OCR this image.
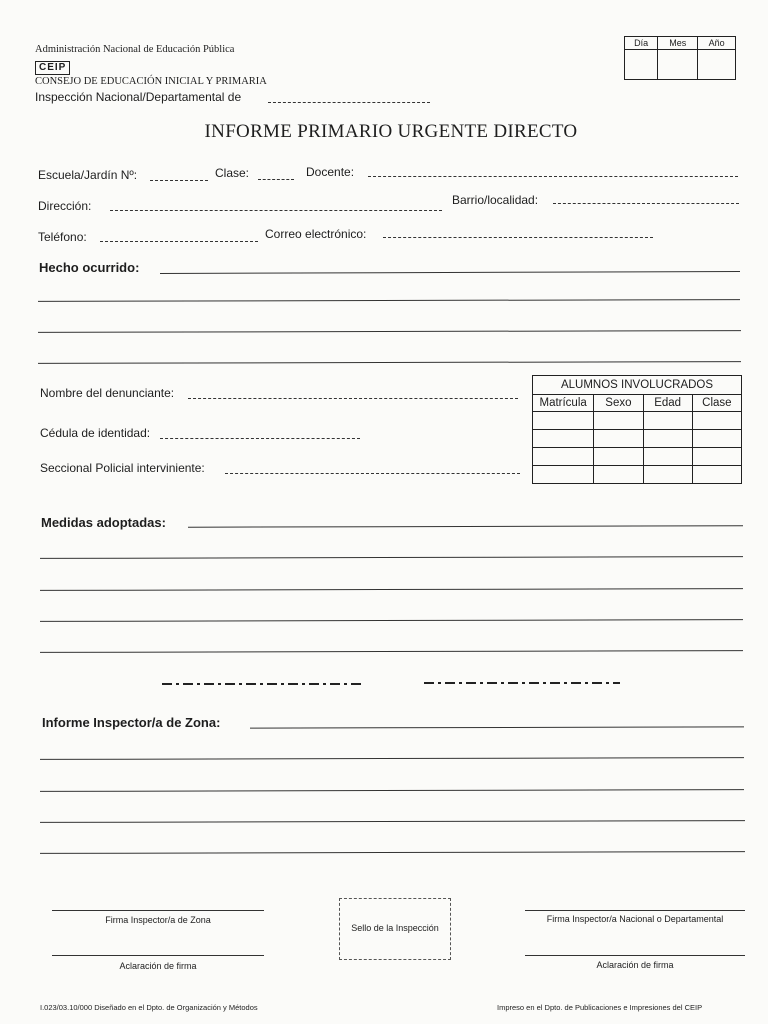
Administración Nacional de Educación Pública
CEIP
CONSEJO DE EDUCACIÓN INICIAL Y PRIMARIA
Inspección Nacional/Departamental de
Día	Mes	Año

INFORME PRIMARIO URGENTE DIRECTO
Escuela/Jardín Nº:	Clase:	Docente:
Dirección:	Barrio/localidad:
Teléfono:	Correo electrónico:
Hecho ocurrido:
Nombre del denunciante:
Cédula de identidad:
Seccional Policial interviniente:
ALUMNOS INVOLUCRADOS			
Matrícula	Sexo	Edad	Clase

Medidas adoptadas:
Informe Inspector/a de Zona:
Firma Inspector/a de Zona
Sello de la Inspección
Firma Inspector/a Nacional o Departamental
Aclaración de firma	Aclaración de firma
I.023/03.10/000 Diseñado en el Dpto. de Organización y Métodos	Impreso en el Dpto. de Publicaciones e Impresiones del CEIP
